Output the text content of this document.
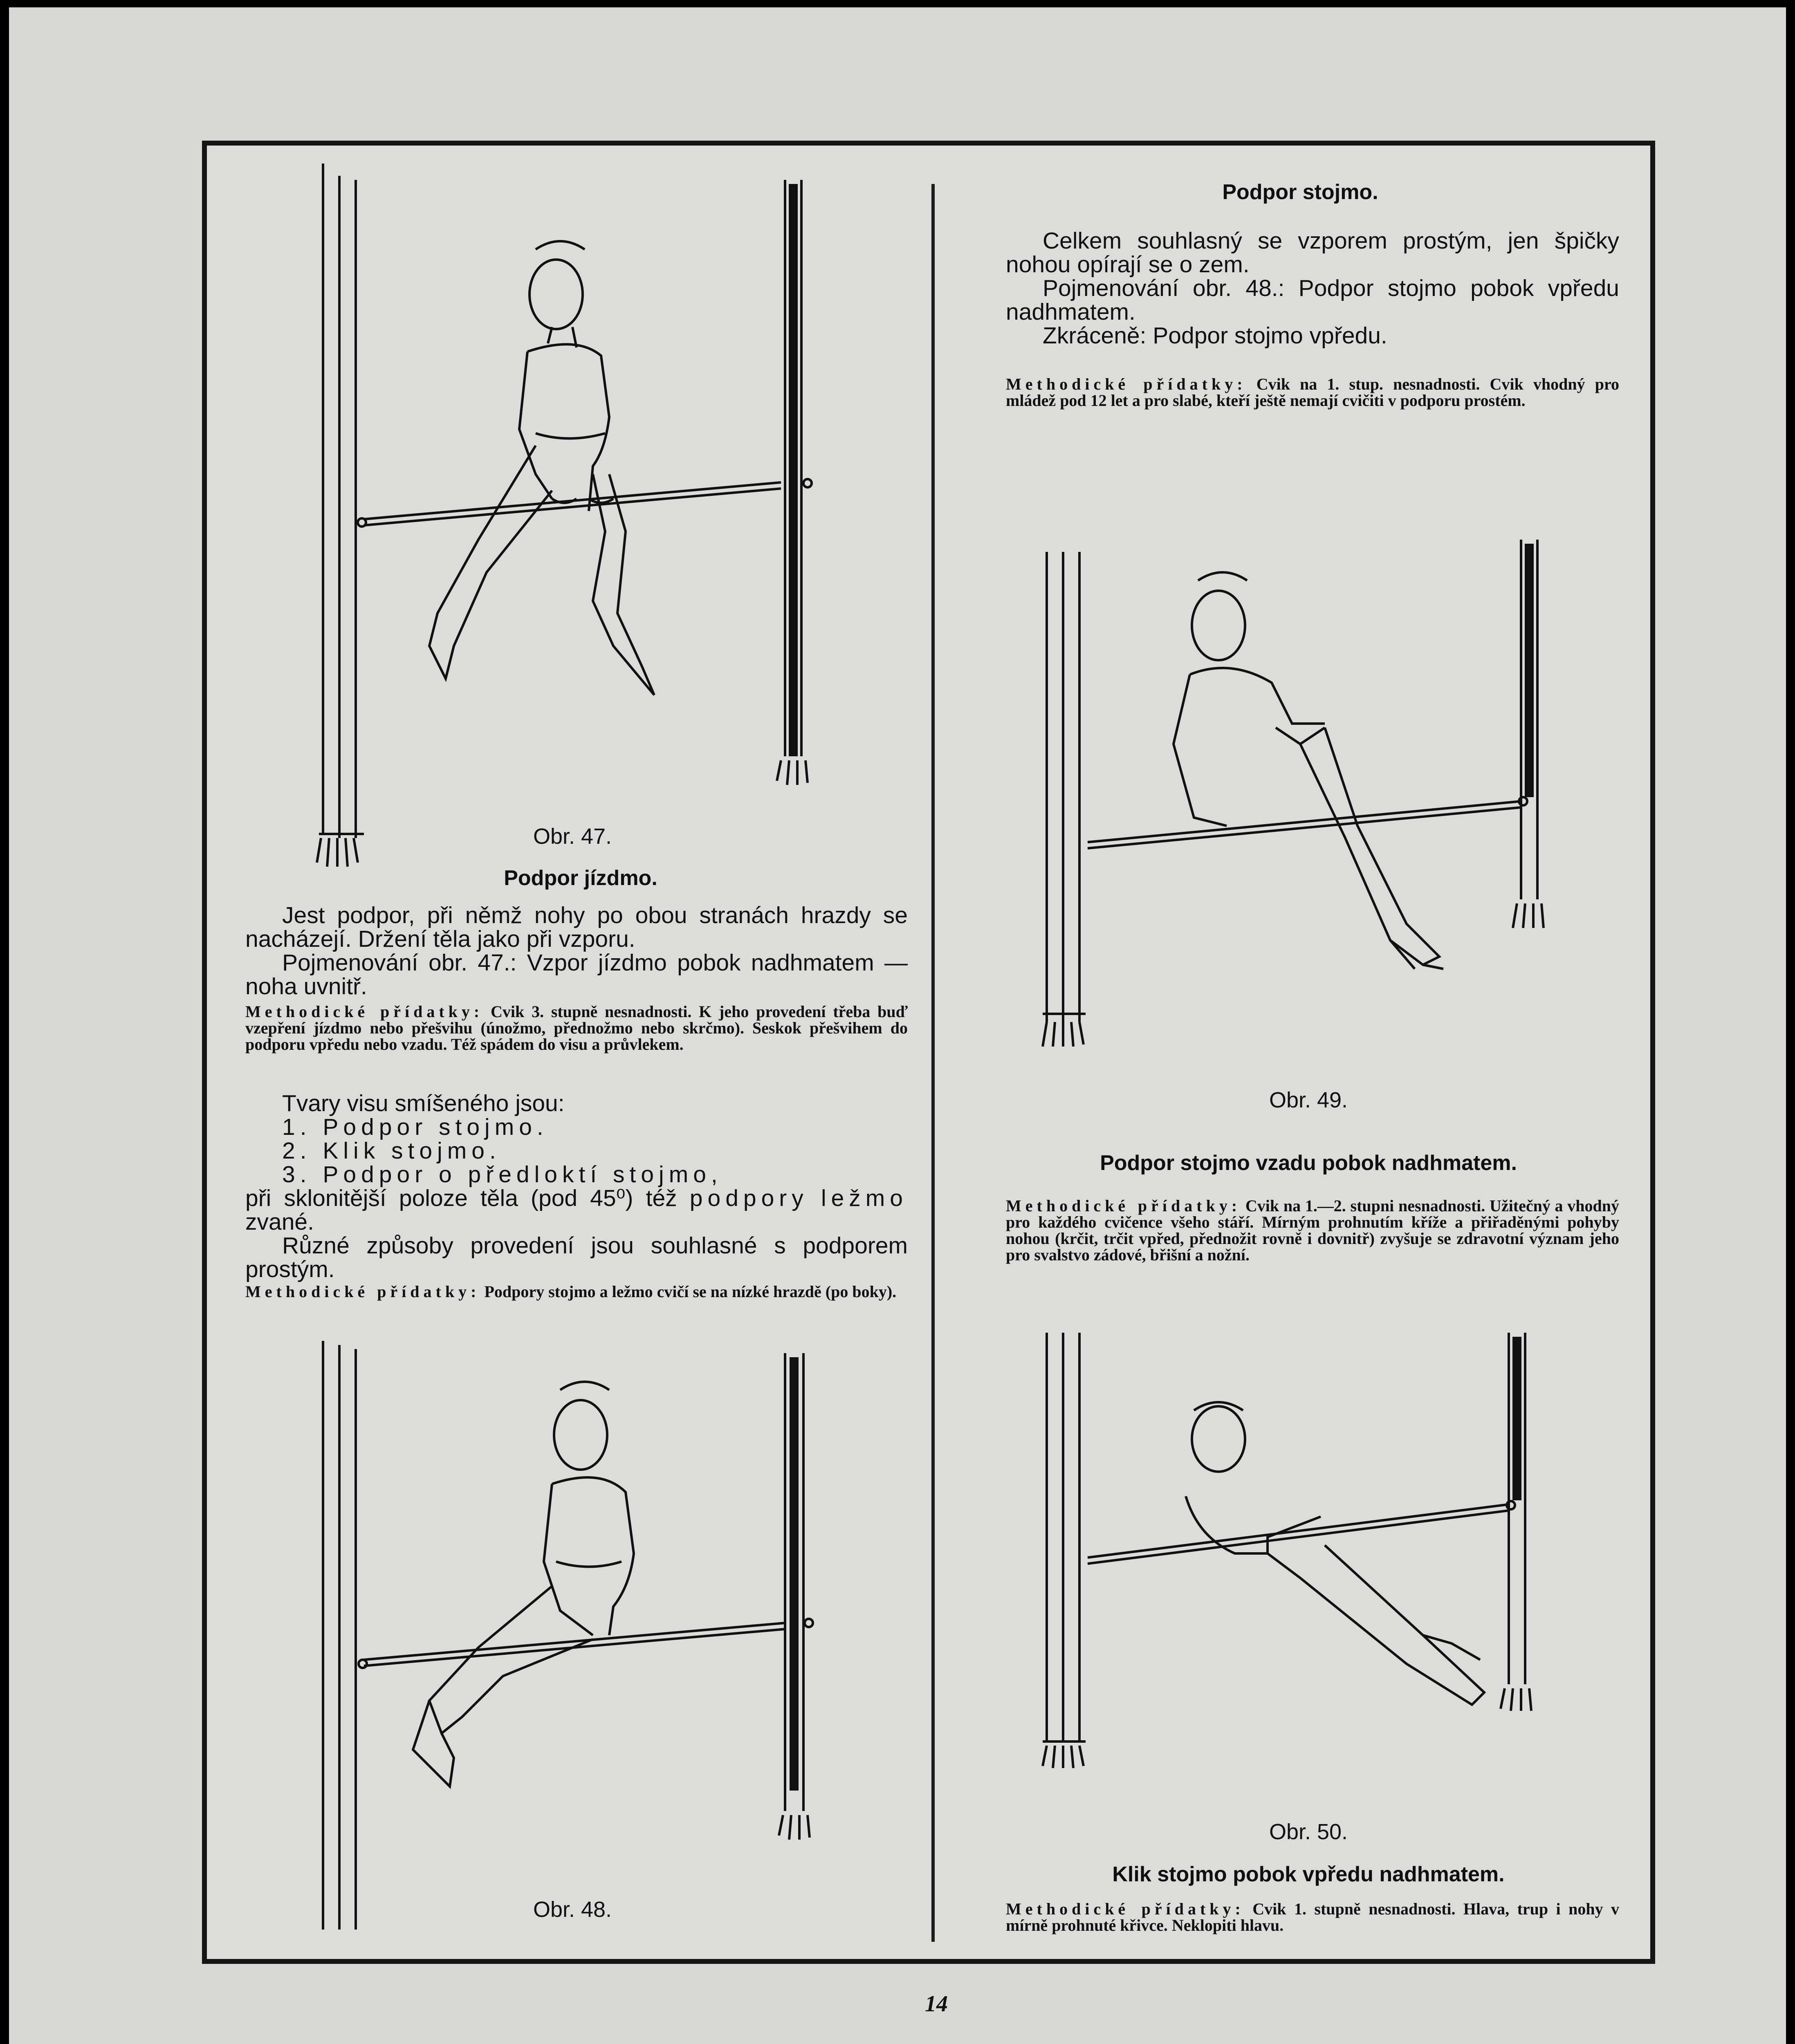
Obr. 47.
Podpor jízdmo.

Jest podpor, při němž nohy po obou stranách hrazdy se nacházejí. Držení těla jako při vzporu.

Pojmenování obr. 47.: Vzpor jízdmo pobok nadhmatem — noha uvnitř.

Methodické přídatky: Cvik 3. stupně nesnadnosti. K jeho provedení třeba buď vzepření jízdmo nebo přešvihu (únožmo, přednožmo nebo skrčmo). Seskok přešvihem do podporu vpředu nebo vzadu. Též spádem do visu a průvlekem.

Tvary visu smíšeného jsou:

1. Podpor stojmo.

2. Klik stojmo.

3. Podpor o předloktí stojmo,

při sklonitější poloze těla (pod 45⁰) též podpory ležmo zvané.

Různé způsoby provedení jsou souhlasné s podporem prostým.

Methodické přídatky: Podpory stojmo a ležmo cvičí se na nízké hrazdě (po boky).

Obr. 48.
Podpor stojmo.

Celkem souhlasný se vzporem prostým, jen špičky nohou opírají se o zem.

Pojmenování obr. 48.: Podpor stojmo pobok vpředu nadhmatem.

Zkráceně: Podpor stojmo vpředu.

Methodické přídatky: Cvik na 1. stup. nesnadnosti. Cvik vhodný pro mládež pod 12 let a pro slabé, kteří ještě nemají cvičiti v podporu prostém.

Obr. 49.
Podpor stojmo vzadu pobok nadhmatem.

Methodické přídatky: Cvik na 1.—2. stupni nesnadnosti. Užitečný a vhodný pro každého cvičence všeho stáří. Mírným prohnutím kříže a přiřaděnými pohyby nohou (krčit, trčit vpřed, přednožit rovně i dovnitř) zvyšuje se zdravotní význam jeho pro svalstvo zádové, břišní a nožní.

Obr. 50.
Klik stojmo pobok vpředu nadhmatem.

Methodické přídatky: Cvik 1. stupně nesnadnosti. Hlava, trup i nohy v mírně prohnuté křivce. Neklopiti hlavu.

14
